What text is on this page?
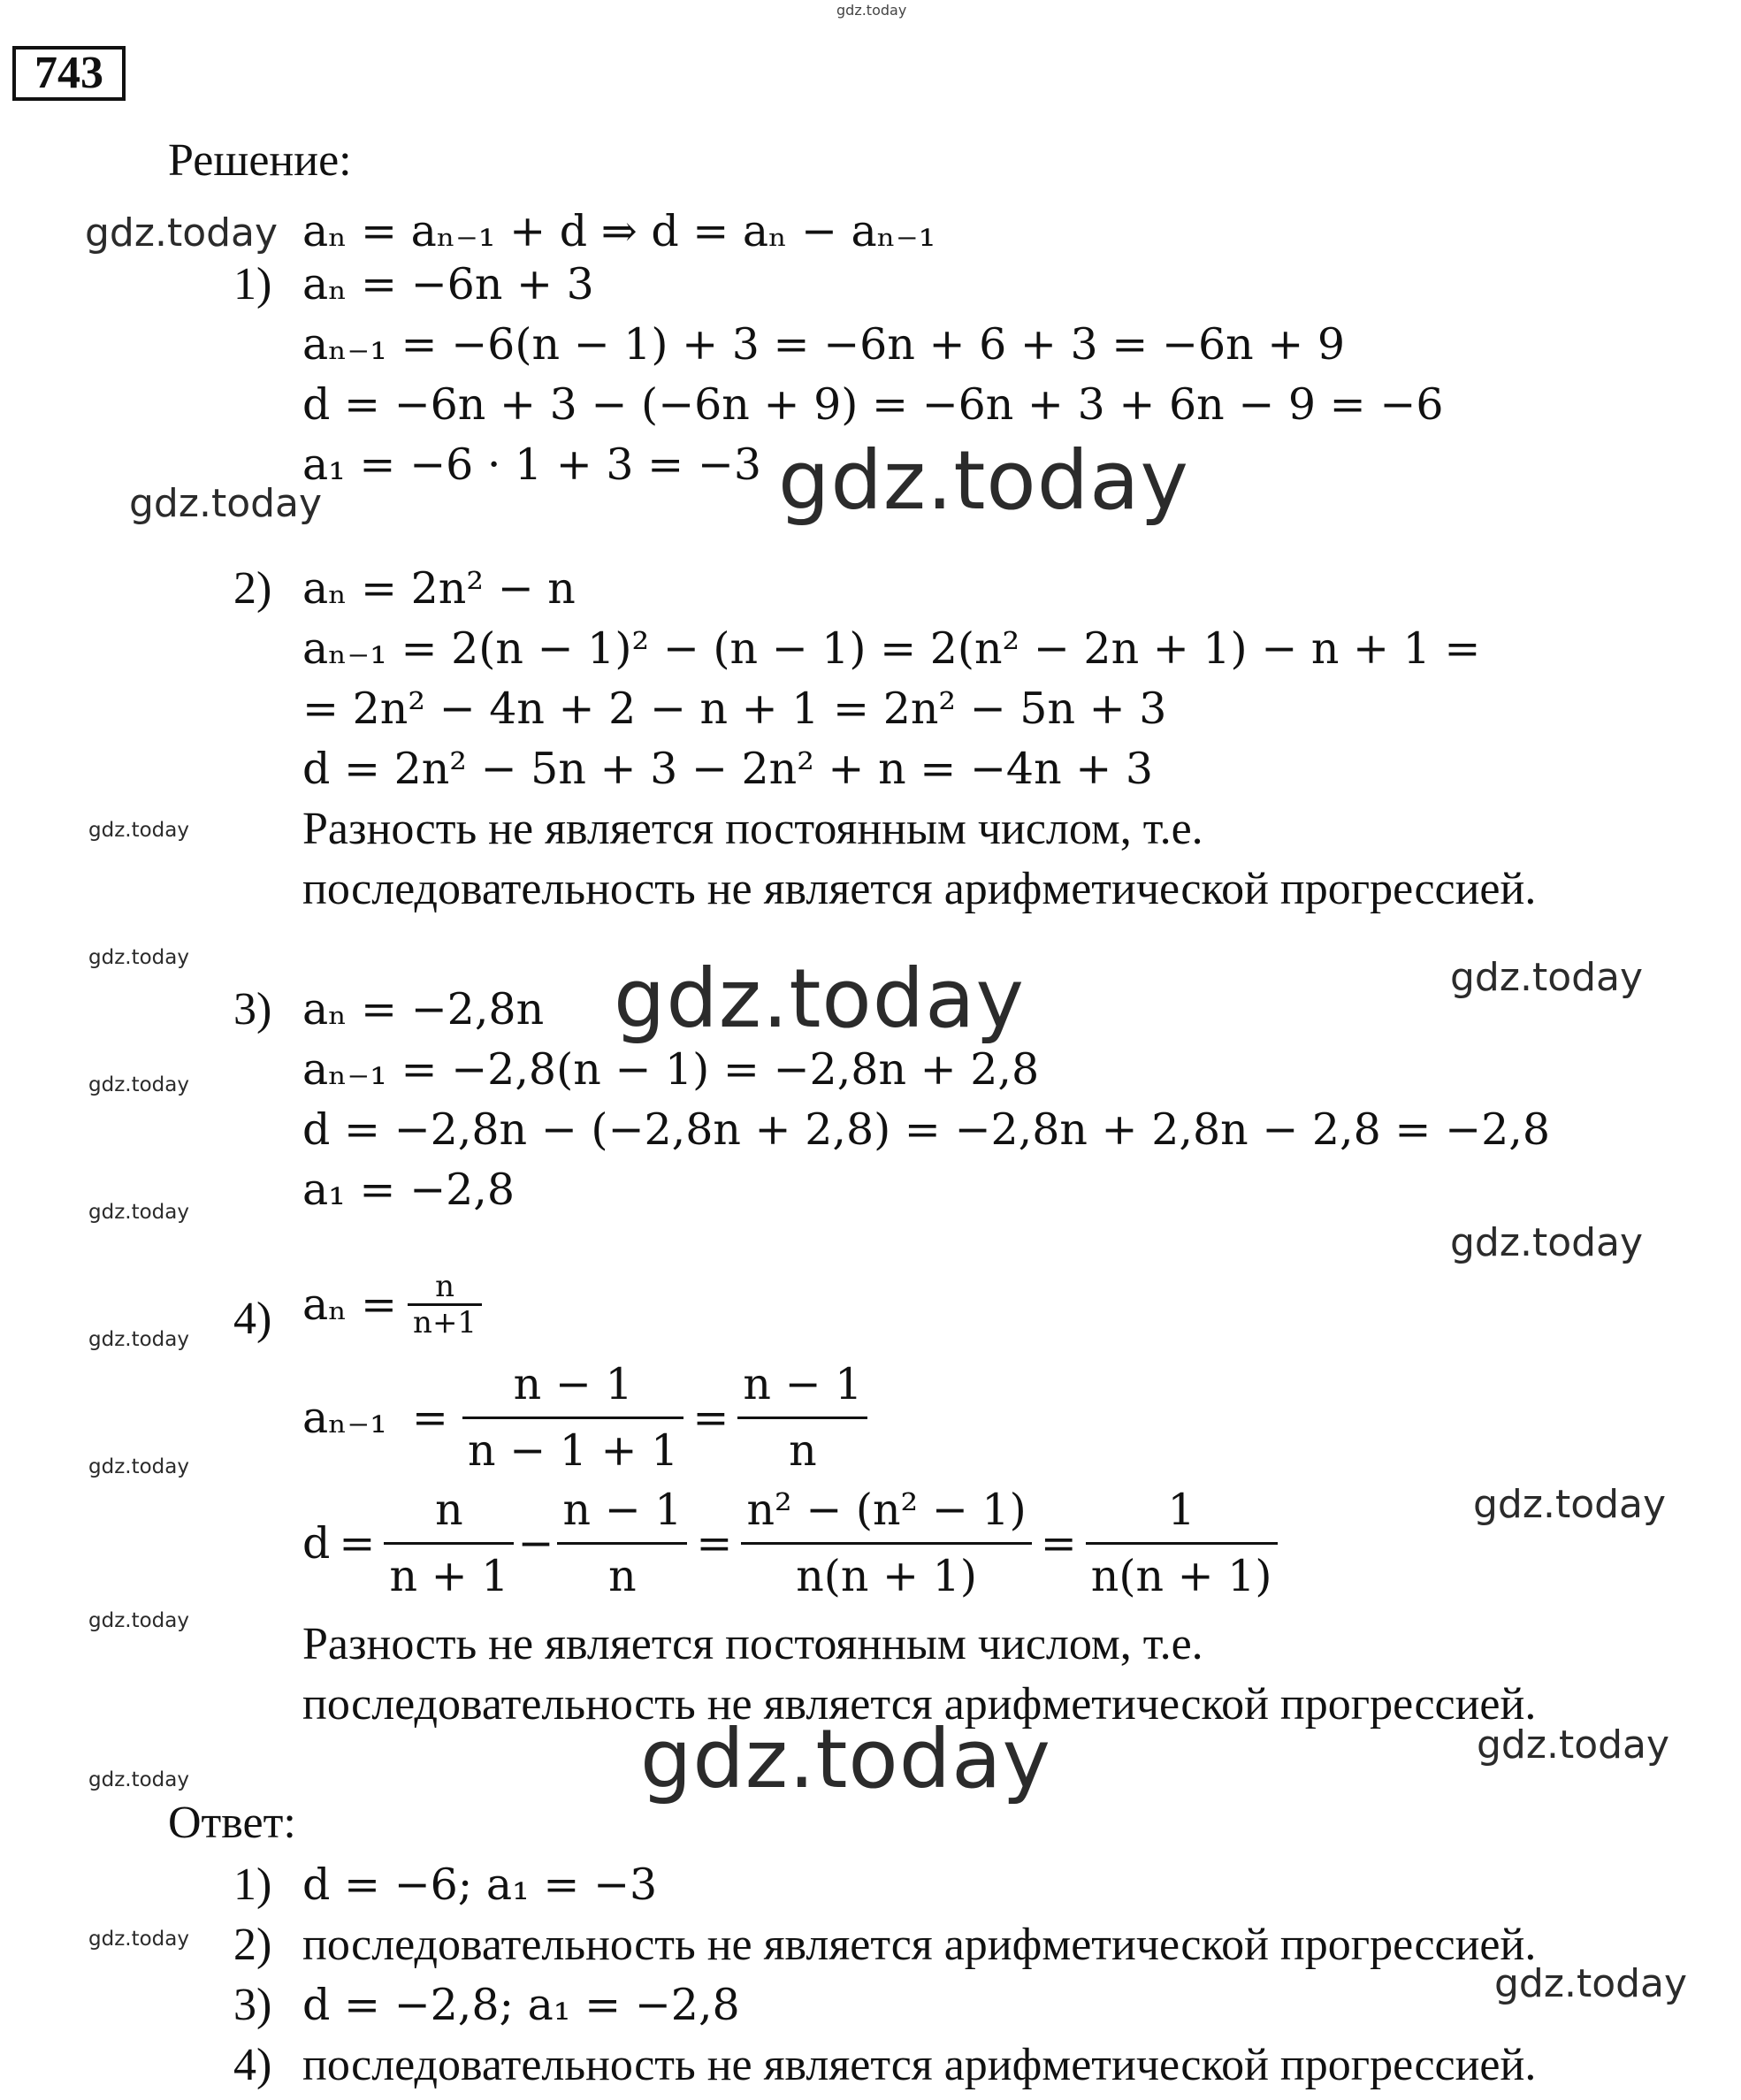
gdz.today
743
Решение:
aₙ = aₙ₋₁ + d ⇒ d = aₙ − aₙ₋₁
1) aₙ = −6n + 3
aₙ₋₁ = −6(n − 1) + 3 = −6n + 6 + 3 = −6n + 9
d = −6n + 3 − (−6n + 9) = −6n + 3 + 6n − 9 = −6
a₁ = −6 · 1 + 3 = −3
2) aₙ = 2n² − n
aₙ₋₁ = 2(n − 1)² − (n − 1) = 2(n² − 2n + 1) − n + 1 =
= 2n² − 4n + 2 − n + 1 = 2n² − 5n + 3
d = 2n² − 5n + 3 − 2n² + n = −4n + 3
Разность не является постоянным числом, т.е.
последовательность не является арифметической прогрессией.
3) aₙ = −2,8n
aₙ₋₁ = −2,8(n − 1) = −2,8n + 2,8
d = −2,8n − (−2,8n + 2,8) = −2,8n + 2,8n − 2,8 = −2,8
a₁ = −2,8
4) $a_n = \frac{n}{n+1}$
$a_{n-1} = \frac{n - 1}{n - 1 + 1} = \frac{n - 1}{n}$
$d = \frac{n}{n + 1} - \frac{n - 1}{n} = \frac{\text{n² − (n² − 1)}}{n(n + 1)} = \frac{1}{n(n + 1)}$
Разность не является постоянным числом, т.е.
последовательность не является арифметической прогрессией.
Ответ:
1) d = −6; a₁ = −3
2) последовательность не является арифметической прогрессией.
3) d = −2,8; a₁ = −2,8
4) последовательность не является арифметической прогрессией.
gdz.today
gdz.today
gdz.today
gdz.today
gdz.today	gdz.today	gdz.today
gdz.today
gdz.today
gdz.today
gdz.today
gdz.today
gdz.today
gdz.today
gdz.today	gdz.today
gdz.today
gdz.today
gdz.today
